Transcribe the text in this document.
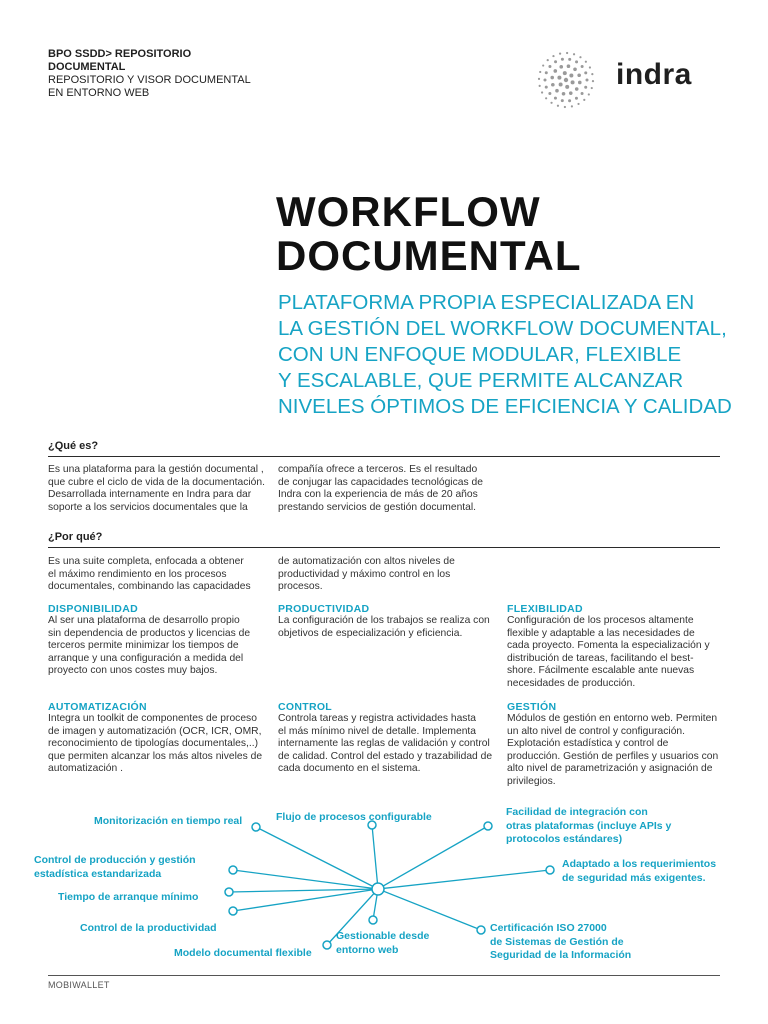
BPO SSDD> REPOSITORIO
DOCUMENTAL
REPOSITORIO Y VISOR DOCUMENTAL
EN ENTORNO WEB
indra
WORKFLOW
DOCUMENTAL
PLATAFORMA PROPIA ESPECIALIZADA EN
LA GESTIÓN DEL WORKFLOW DOCUMENTAL,
CON UN ENFOQUE MODULAR, FLEXIBLE
Y ESCALABLE, QUE PERMITE ALCANZAR
NIVELES ÓPTIMOS DE EFICIENCIA Y CALIDAD
¿Qué es?
Es una plataforma para la gestión documental ,
que cubre el ciclo de vida de la documentación.
Desarrollada internamente en Indra para dar
soporte a los servicios documentales que la
compañía ofrece a terceros. Es el resultado
de conjugar las capacidades tecnológicas de
Indra con la experiencia de más de 20 años
prestando servicios de gestión documental.
¿Por qué?
Es una suite completa, enfocada a obtener
el máximo rendimiento en los procesos
documentales, combinando las capacidades
de automatización con altos niveles de
productividad y máximo control en los
procesos.
DISPONIBILIDAD
Al ser una plataforma de desarrollo propio
sin dependencia de productos y licencias de
terceros permite minimizar los tiempos de
arranque y una configuración a medida del
proyecto con unos costes muy bajos.
PRODUCTIVIDAD
La configuración de los trabajos se realiza con
objetivos de especialización y eficiencia.
FLEXIBILIDAD
Configuración de los procesos altamente
flexible y adaptable a las necesidades de
cada proyecto. Fomenta la especialización y
distribución de tareas, facilitando el best-
shore. Fácilmente escalable ante nuevas
necesidades de producción.
AUTOMATIZACIÓN
Integra un toolkit de componentes de proceso
de imagen y automatización (OCR, ICR, OMR,
reconocimiento de tipologías documentales,..)
que permiten alcanzar los más altos niveles de
automatización .
CONTROL
Controla tareas y registra actividades hasta
el más mínimo nivel de detalle. Implementa
internamente las reglas de validación y control
de calidad. Control del estado y trazabilidad de
cada documento en el sistema.
GESTIÓN
Módulos de gestión en entorno web. Permiten
un alto nivel de control y configuración.
Explotación estadística y control de
producción. Gestión de perfiles y usuarios con
alto nivel de parametrización y asignación de
privilegios.
Monitorización en tiempo real	Flujo de procesos configurable	Facilidad de integración con
otras plataformas (incluye APIs y
protocolos estándares)
Control de producción y gestión
estadística estandarizada
Adaptado a los requerimientos
de seguridad más exigentes.
Tiempo de arranque mínimo
Control de la productividad
Gestionable desde
entorno web
Certificación ISO 27000
de Sistemas de Gestión de
Seguridad de la Información
Modelo documental flexible
MOBIWALLET
